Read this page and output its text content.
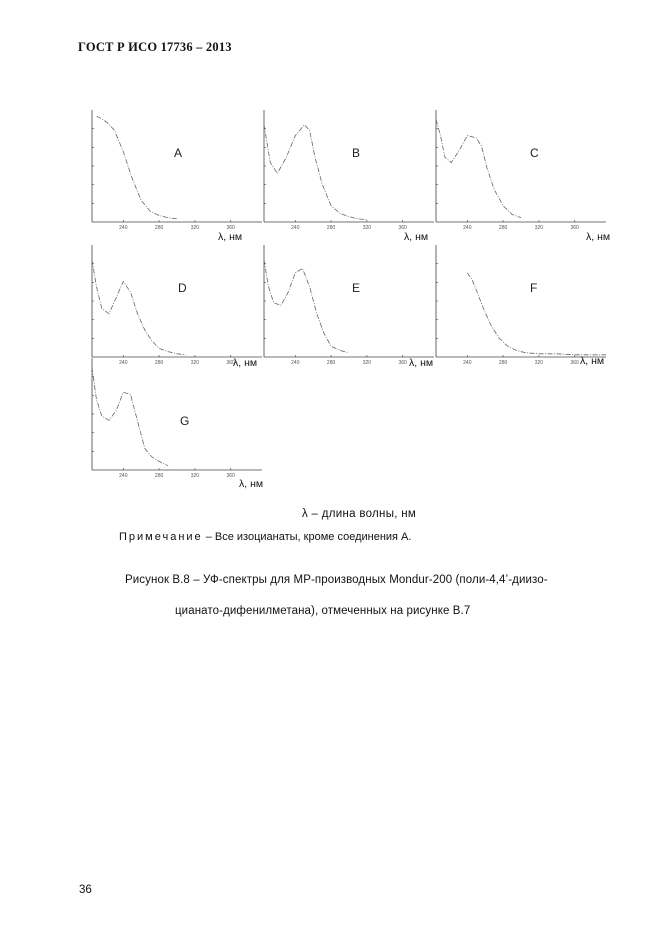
ГОСТ Р ИСО 17736 – 2013
240	280	320	360
A
λ, нм
240	280	320	360
B
λ, нм
240	280	320	360
C
λ, нм
240	280	320	360
D
λ, нм	240	280	320	360
E
λ, нм	240	280	320	360
F
λ, нм
240	280	320	360
G
λ, нм
λ – длина волны, нм
Примечание – Все изоцианаты, кроме соединения А.
Рисунок В.8 – УФ-спектры для МР-производных Mondur-200 (поли-4,4’-диизо-
цианато-дифенилметана), отмеченных на рисунке В.7
36
